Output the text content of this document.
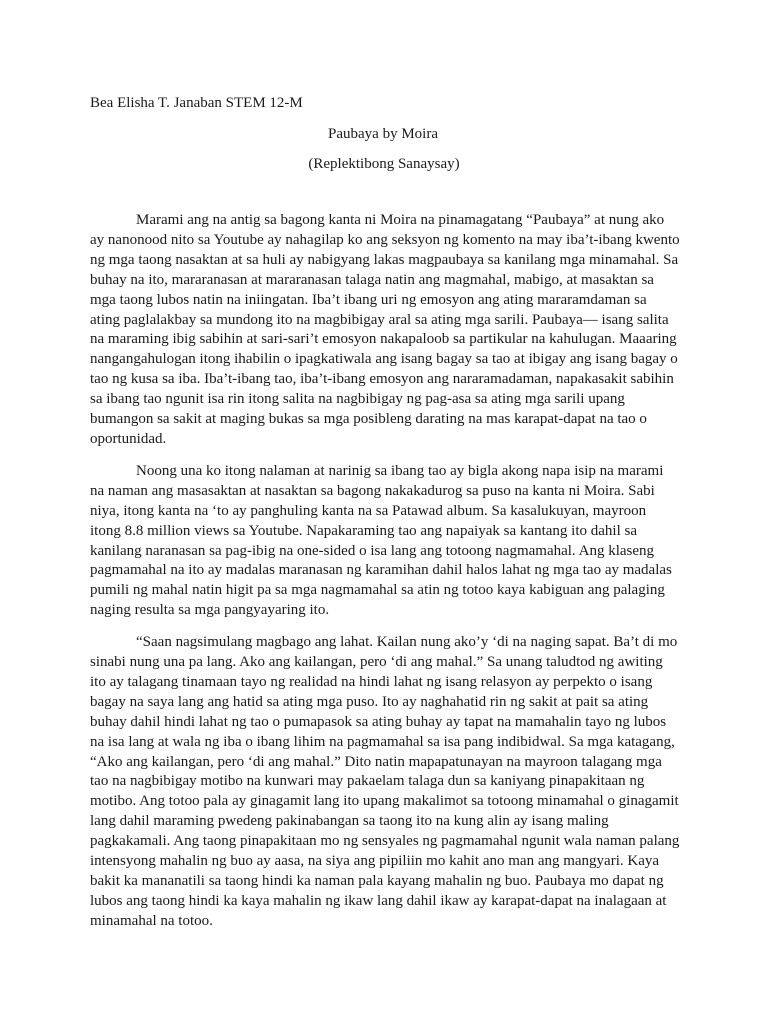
Bea Elisha T. Janaban STEM 12-M
Paubaya by Moira
(Replektibong Sanaysay)

Marami ang na antig sa bagong kanta ni Moira na pinamagatang “Paubaya” at nung ako ay nanonood nito sa Youtube ay nahagilap ko ang seksyon ng komento na may iba’t-ibang kwento ng mga taong nasaktan at sa huli ay nabigyang lakas magpaubaya sa kanilang mga minamahal. Sa buhay na ito, mararanasan at mararanasan talaga natin ang magmahal, mabigo, at masaktan sa mga taong lubos natin na iniingatan. Iba’t ibang uri ng emosyon ang ating mararamdaman sa ating paglalakbay sa mundong ito na magbibigay aral sa ating mga sarili. Paubaya— isang salita na maraming ibig sabihin at sari-sari’t emosyon nakapaloob sa partikular na kahulugan. Maaaring nangangahulogan itong ihabilin o ipagkatiwala ang isang bagay sa tao at ibigay ang isang bagay o tao ng kusa sa iba. Iba’t-ibang tao, iba’t-ibang emosyon ang nararamadaman, napakasakit sabihin sa ibang tao ngunit isa rin itong salita na nagbibigay ng pag-asa sa ating mga sarili upang bumangon sa sakit at maging bukas sa mga posibleng darating na mas karapat-dapat na tao o oportunidad.

Noong una ko itong nalaman at narinig sa ibang tao ay bigla akong napa isip na marami na naman ang masasaktan at nasaktan sa bagong nakakadurog sa puso na kanta ni Moira. Sabi niya, itong kanta na ‘to ay panghuling kanta na sa Patawad album. Sa kasalukuyan, mayroon itong 8.8 million views sa Youtube. Napakaraming tao ang napaiyak sa kantang ito dahil sa kanilang naranasan sa pag-ibig na one-sided o isa lang ang totoong nagmamahal. Ang klaseng pagmamahal na ito ay madalas maranasan ng karamihan dahil halos lahat ng mga tao ay madalas pumili ng mahal natin higit pa sa mga nagmamahal sa atin ng totoo kaya kabiguan ang palaging naging resulta sa mga pangyayaring ito.

“Saan nagsimulang magbago ang lahat. Kailan nung ako’y ‘di na naging sapat. Ba’t di mo sinabi nung una pa lang. Ako ang kailangan, pero ‘di ang mahal.” Sa unang taludtod ng awiting ito ay talagang tinamaan tayo ng realidad na hindi lahat ng isang relasyon ay perpekto o isang bagay na saya lang ang hatid sa ating mga puso. Ito ay naghahatid rin ng sakit at pait sa ating buhay dahil hindi lahat ng tao o pumapasok sa ating buhay ay tapat na mamahalin tayo ng lubos na isa lang at wala ng iba o ibang lihim na pagmamahal sa isa pang indibidwal. Sa mga katagang, “Ako ang kailangan, pero ‘di ang mahal.” Dito natin mapapatunayan na mayroon talagang mga tao na nagbibigay motibo na kunwari may pakaelam talaga dun sa kaniyang pinapakitaan ng motibo. Ang totoo pala ay ginagamit lang ito upang makalimot sa totoong minamahal o ginagamit lang dahil maraming pwedeng pakinabangan sa taong ito na kung alin ay isang maling pagkakamali. Ang taong pinapakitaan mo ng sensyales ng pagmamahal ngunit wala naman palang intensyong mahalin ng buo ay aasa, na siya ang pipiliin mo kahit ano man ang mangyari. Kaya bakit ka mananatili sa taong hindi ka naman pala kayang mahalin ng buo. Paubaya mo dapat ng lubos ang taong hindi ka kaya mahalin ng ikaw lang dahil ikaw ay karapat-dapat na inalagaan at minamahal na totoo.
